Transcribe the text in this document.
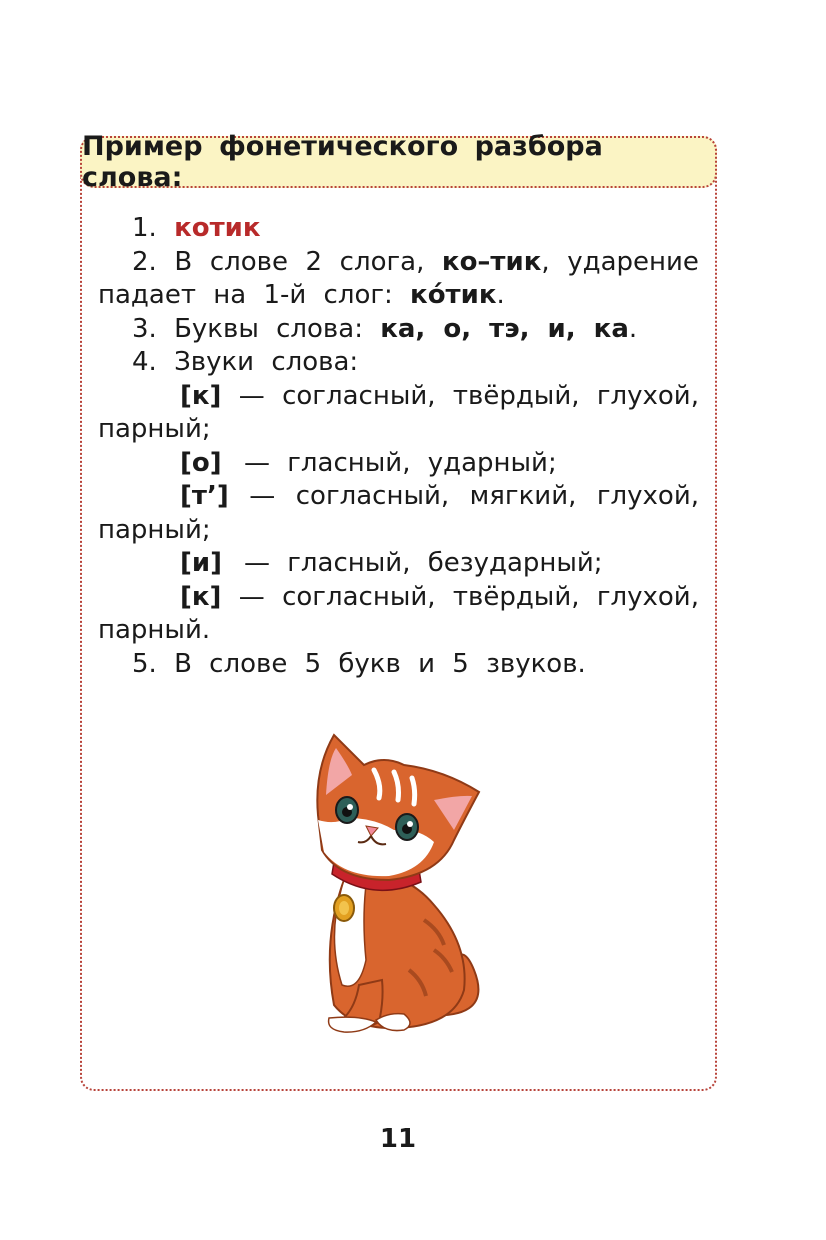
Пример фонетического разбора слова:
1. котик
2. В слове 2 слога, ко–тик, ударение
падает на 1-й слог: ко́тик.
3. Буквы слова: ка, о, тэ, и, ка.
4. Звуки слова:
[к] — согласный, твёрдый, глухой,
парный;
[о] — гласный, ударный;
[т’] — согласный, мягкий, глухой,
парный;
[и] — гласный, безударный;
[к] — согласный, твёрдый, глухой,
парный.
5. В слове 5 букв и 5 звуков.
11
